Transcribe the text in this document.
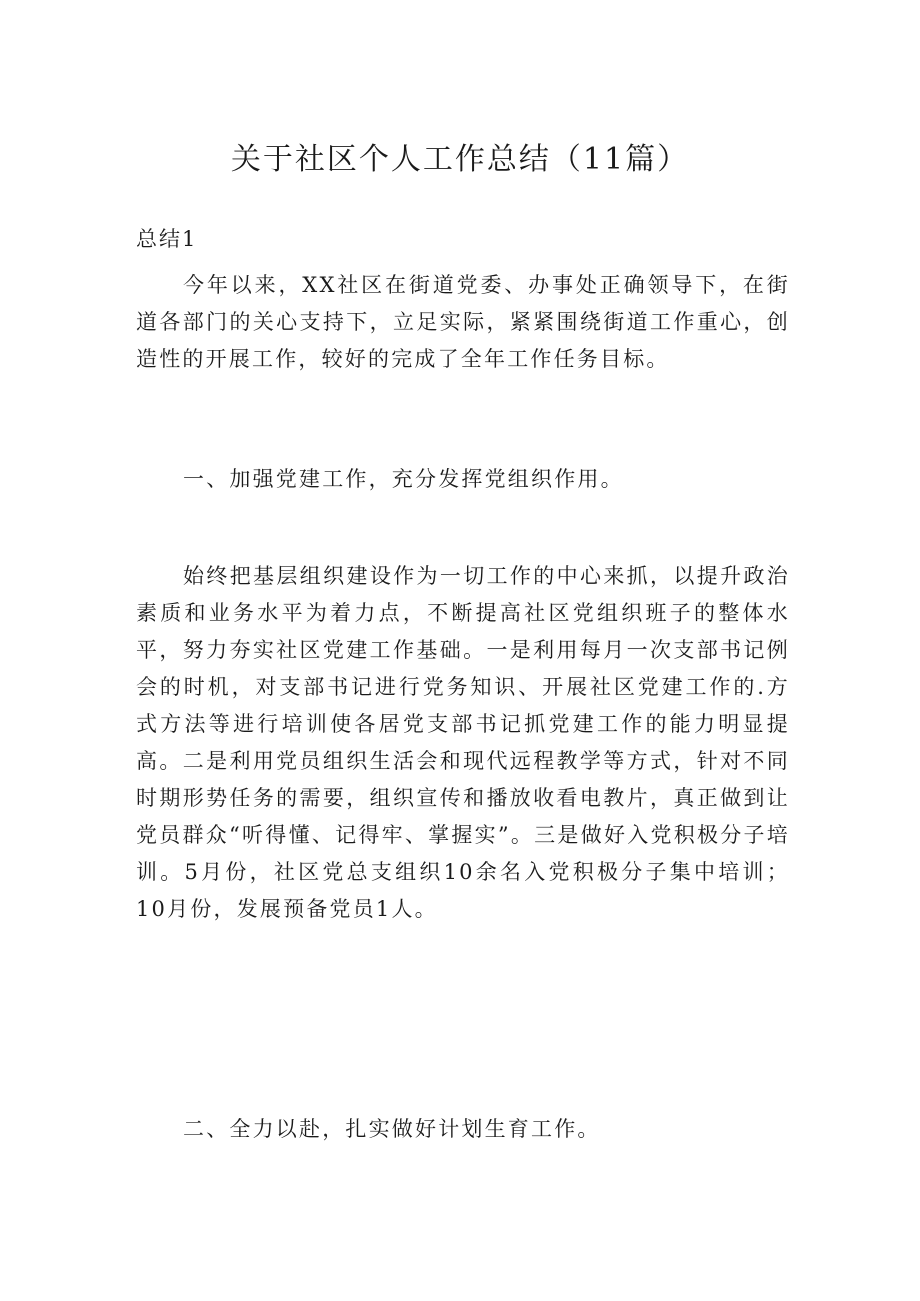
关于社区个人工作总结（11篇）
总结1

今年以来，XX社区在街道党委、办事处正确领导下，在街道各部门的关心支持下，立足实际，紧紧围绕街道工作重心，创造性的开展工作，较好的完成了全年工作任务目标。

一、加强党建工作，充分发挥党组织作用。

始终把基层组织建设作为一切工作的中心来抓，以提升政治素质和业务水平为着力点，不断提高社区党组织班子的整体水平，努力夯实社区党建工作基础。一是利用每月一次支部书记例会的时机，对支部书记进行党务知识、开展社区党建工作的.方式方法等进行培训使各居党支部书记抓党建工作的能力明显提高。二是利用党员组织生活会和现代远程教学等方式，针对不同时期形势任务的需要，组织宣传和播放收看电教片，真正做到让党员群众“听得懂、记得牢、掌握实”。三是做好入党积极分子培训。5月份，社区党总支组织10余名入党积极分子集中培训；10月份，发展预备党员1人。

二、全力以赴，扎实做好计划生育工作。
